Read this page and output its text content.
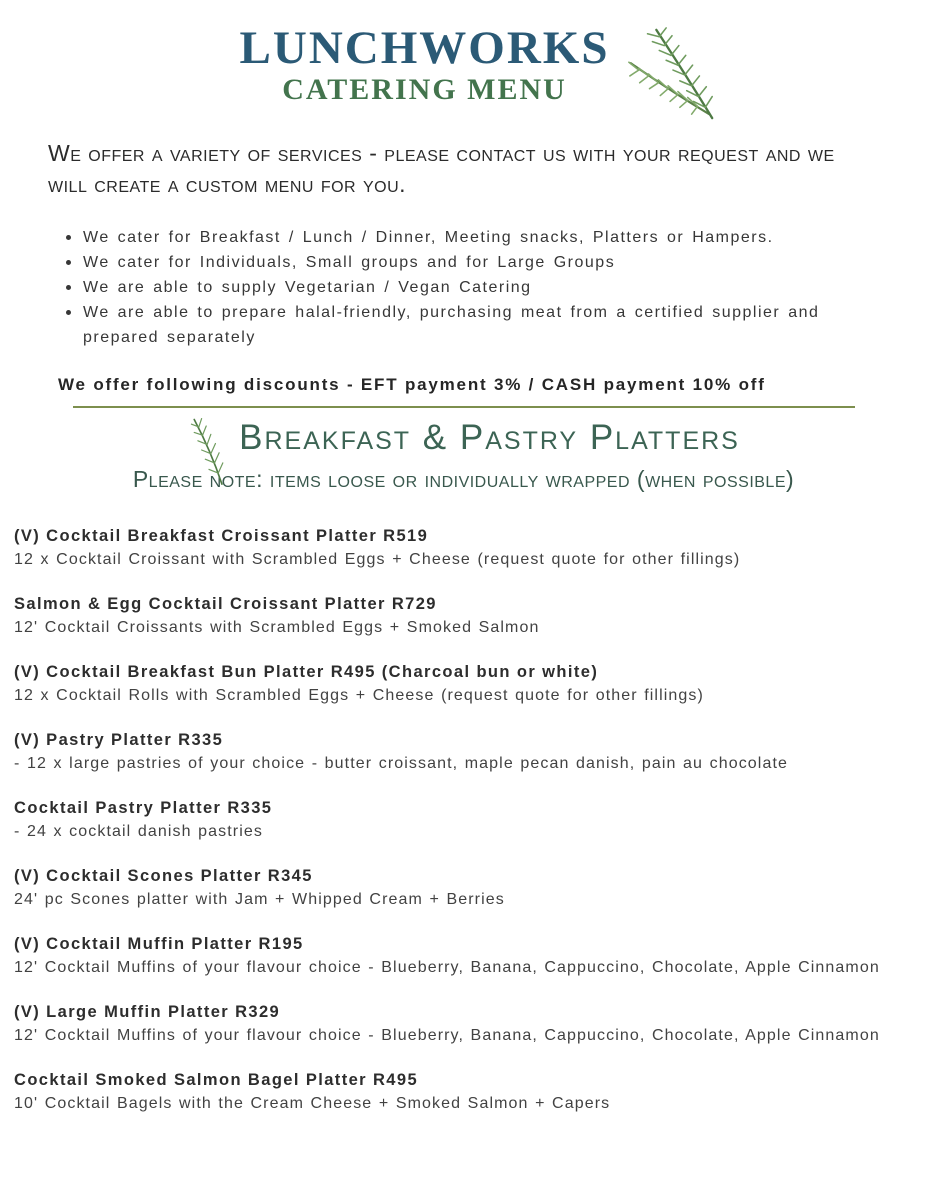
LUNCHWORKS
CATERING MENU
We offer a variety of services - please contact us with your request and we
will create a custom menu for you.
We cater for Breakfast / Lunch / Dinner, Meeting snacks, Platters or Hampers.
We cater for Individuals, Small groups and for Large Groups
We are able to supply Vegetarian / Vegan Catering
We are able to prepare halal-friendly, purchasing meat from a certified supplier and prepared separately
We offer following discounts - EFT payment 3% / CASH payment 10% off
Breakfast & Pastry Platters
Please note: items loose or individually wrapped (when possible)
(V) Cocktail Breakfast Croissant Platter R519
12 x Cocktail Croissant with Scrambled Eggs + Cheese (request quote for other fillings)
Salmon & Egg Cocktail Croissant Platter R729
12' Cocktail Croissants with Scrambled Eggs + Smoked Salmon
(V) Cocktail Breakfast Bun Platter R495 (Charcoal bun or white)
12 x Cocktail Rolls with Scrambled Eggs + Cheese (request quote for other fillings)
(V) Pastry Platter R335
- 12 x large pastries of your choice - butter croissant, maple pecan danish, pain au chocolate
Cocktail Pastry Platter R335
- 24 x cocktail danish pastries
(V) Cocktail Scones Platter R345
24' pc Scones platter with Jam + Whipped Cream + Berries
(V) Cocktail Muffin Platter R195
12' Cocktail Muffins of your flavour choice - Blueberry, Banana, Cappuccino, Chocolate, Apple Cinnamon
(V) Large Muffin Platter R329
12' Cocktail Muffins of your flavour choice - Blueberry, Banana, Cappuccino, Chocolate, Apple Cinnamon
Cocktail Smoked Salmon Bagel Platter R495
10' Cocktail Bagels with the Cream Cheese + Smoked Salmon + Capers
